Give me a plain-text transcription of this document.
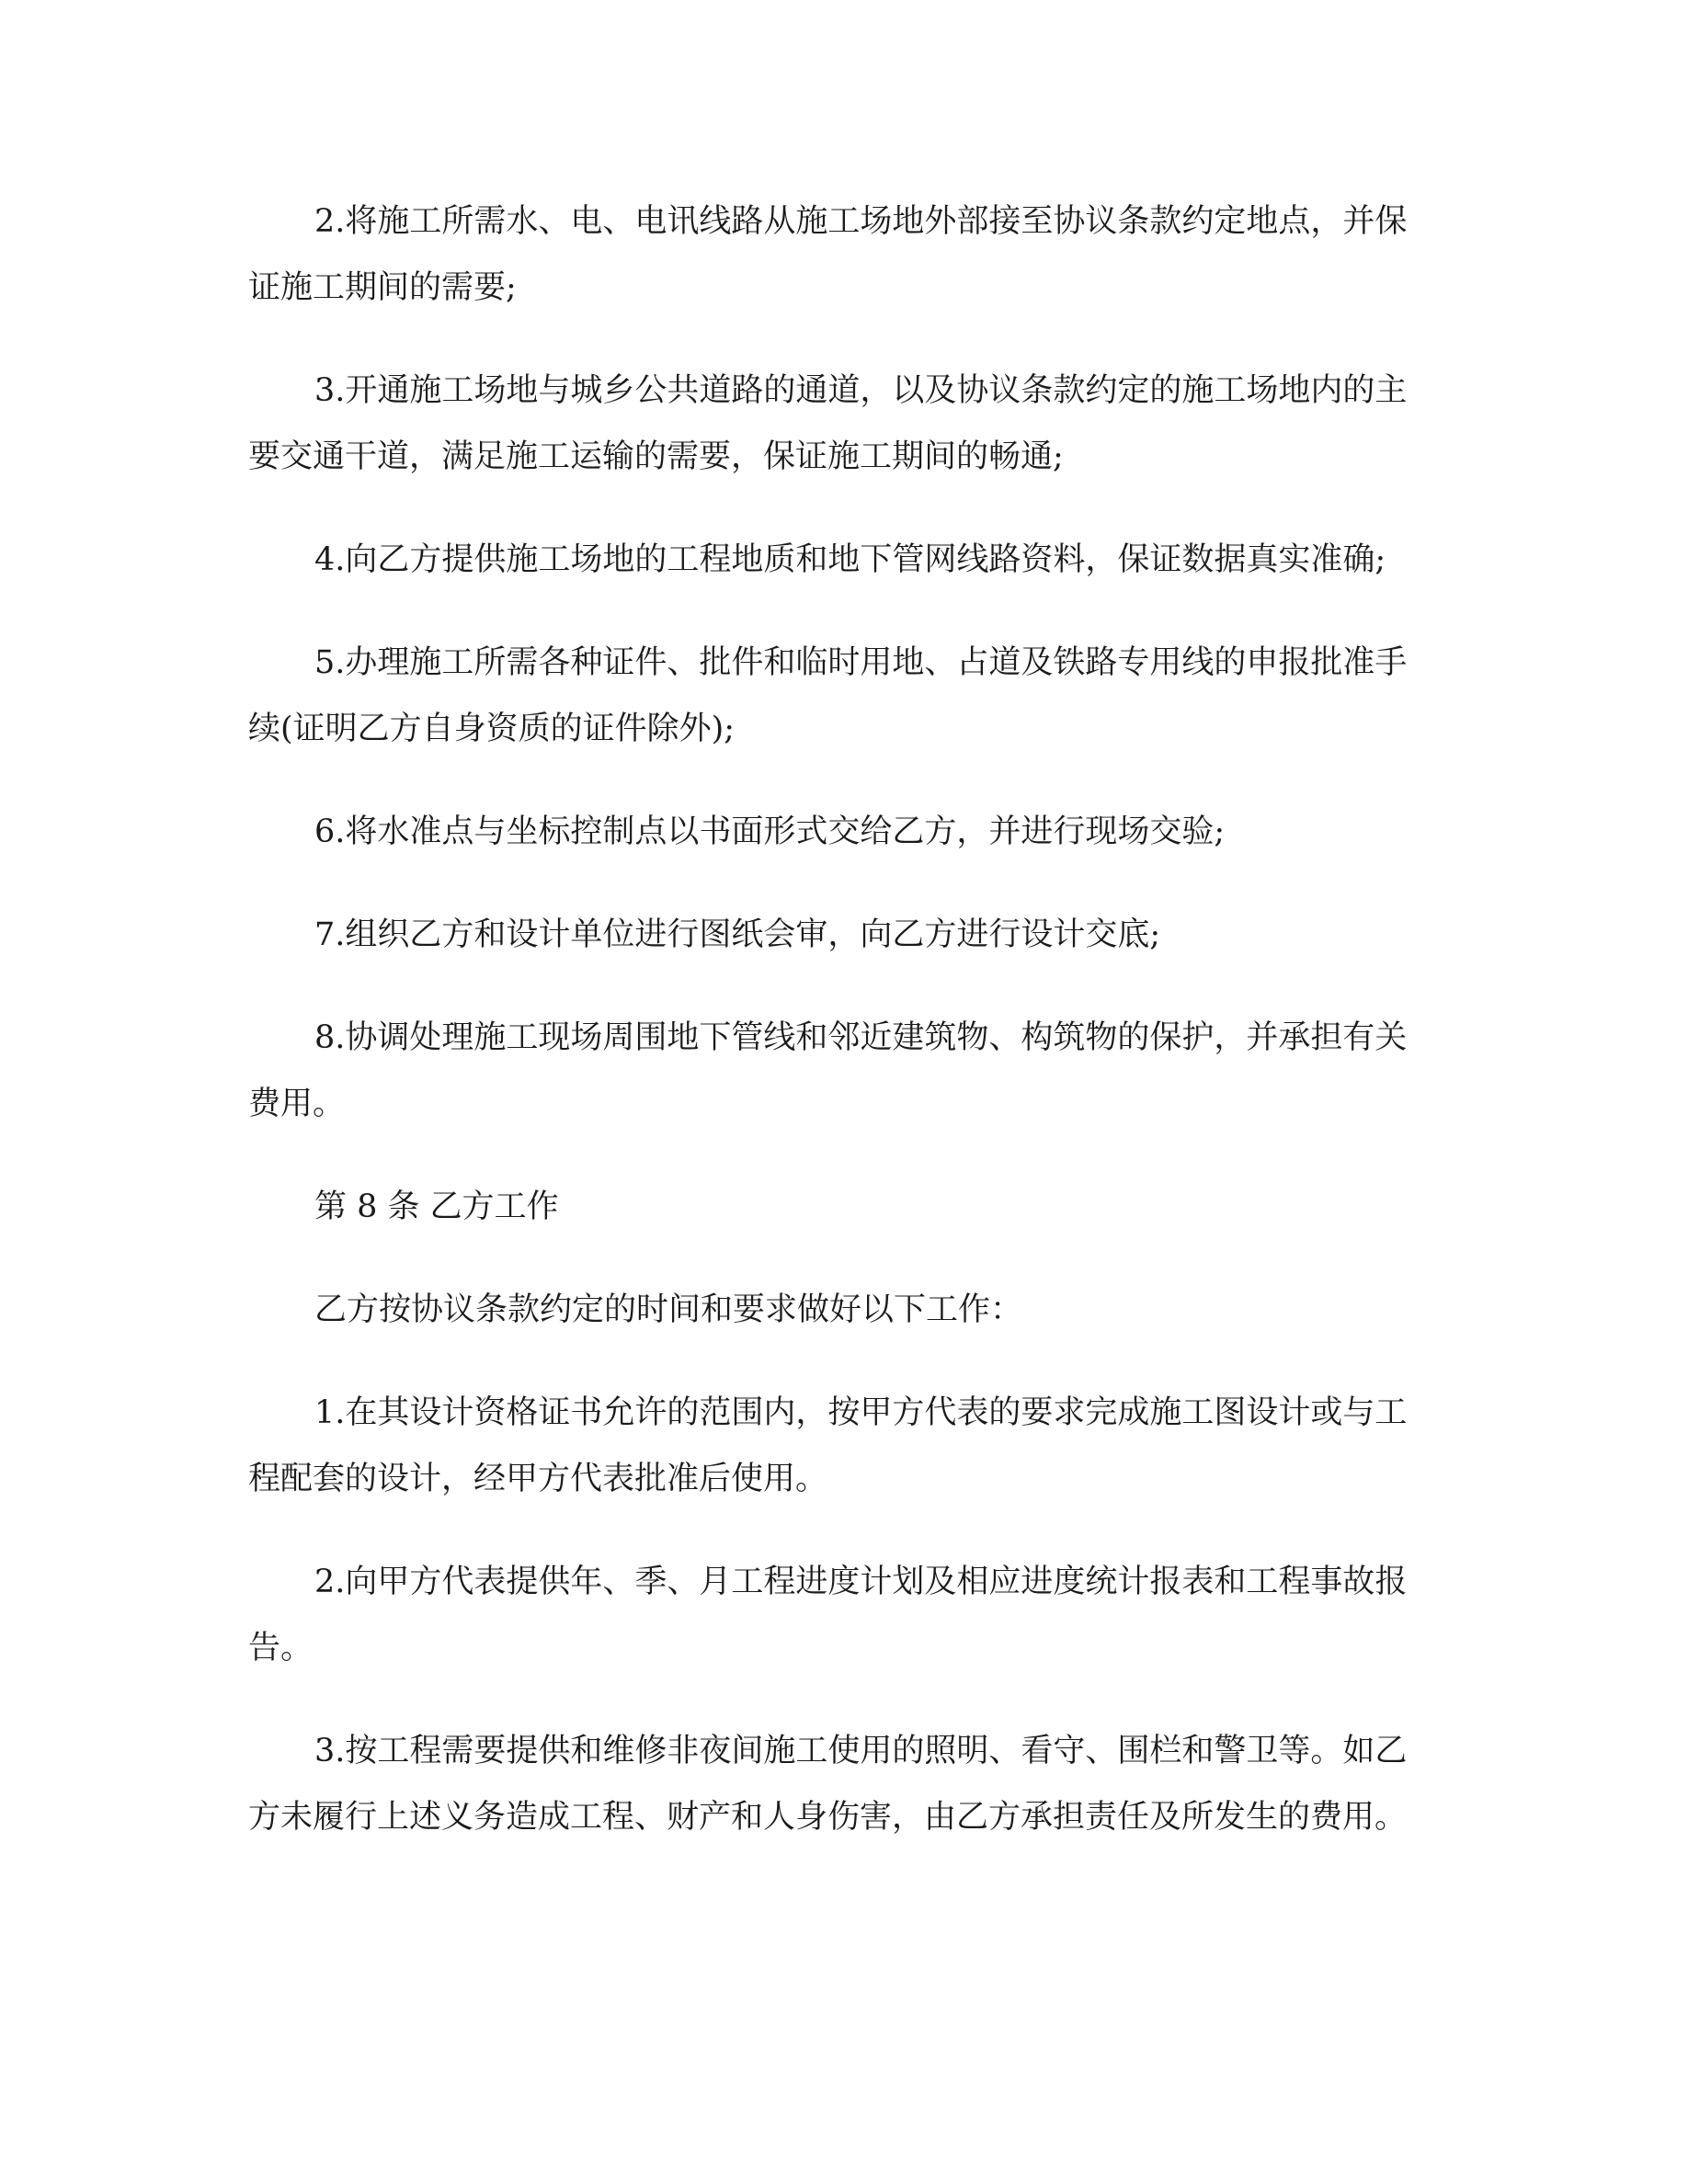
2.将施工所需水、电、电讯线路从施工场地外部接至协议条款约定地点，并保
证施工期间的需要;

3.开通施工场地与城乡公共道路的通道，以及协议条款约定的施工场地内的主
要交通干道，满足施工运输的需要，保证施工期间的畅通;

4.向乙方提供施工场地的工程地质和地下管网线路资料，保证数据真实准确;

5.办理施工所需各种证件、批件和临时用地、占道及铁路专用线的申报批准手
续(证明乙方自身资质的证件除外);

6.将水准点与坐标控制点以书面形式交给乙方，并进行现场交验;

7.组织乙方和设计单位进行图纸会审，向乙方进行设计交底;

8.协调处理施工现场周围地下管线和邻近建筑物、构筑物的保护，并承担有关
费用。

第 8 条 乙方工作

乙方按协议条款约定的时间和要求做好以下工作：

1.在其设计资格证书允许的范围内，按甲方代表的要求完成施工图设计或与工
程配套的设计，经甲方代表批准后使用。

2.向甲方代表提供年、季、月工程进度计划及相应进度统计报表和工程事故报
告。

3.按工程需要提供和维修非夜间施工使用的照明、看守、围栏和警卫等。如乙
方未履行上述义务造成工程、财产和人身伤害，由乙方承担责任及所发生的费用。
